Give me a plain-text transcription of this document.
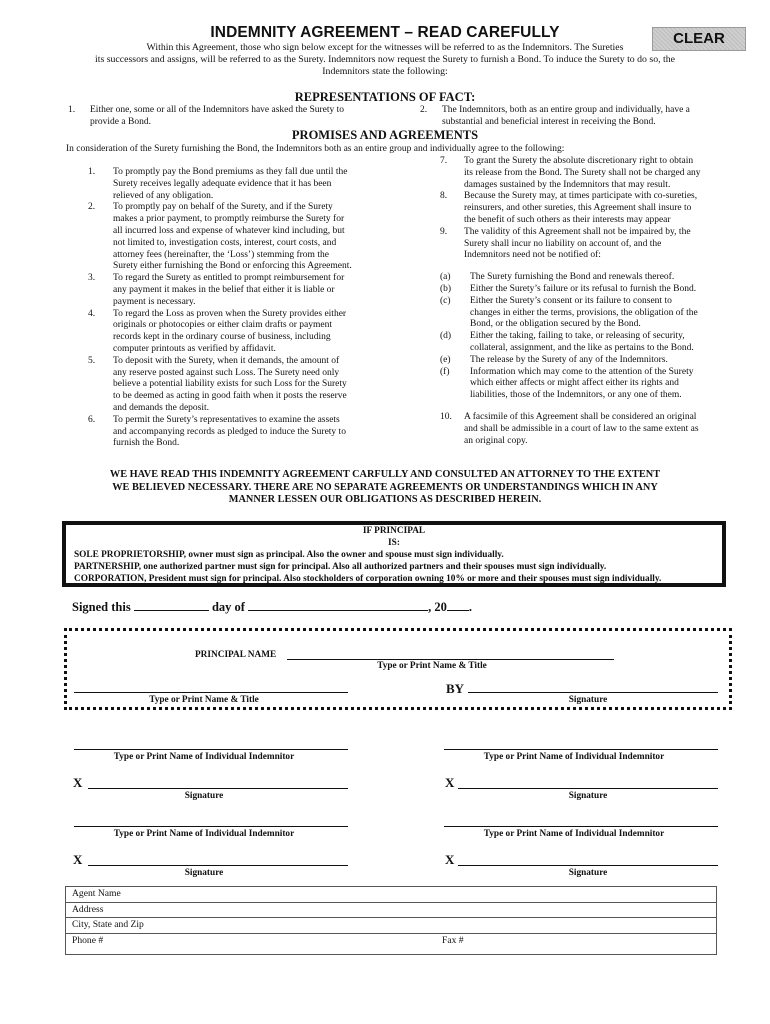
INDEMNITY AGREEMENT – READ CAREFULLY	CLEAR
Within this Agreement, those who sign below except for the witnesses will be referred to as the Indemnitors. The Sureties
its successors and assigns, will be referred to as the Surety. Indemnitors now request the Surety to furnish a Bond. To induce the Surety to do so, the
Indemnitors state the following:
REPRESENTATIONS OF FACT:
1. Either one, some or all of the Indemnitors have asked the Surety to
provide a Bond.
2. The Indemnitors, both as an entire group and individually, have a
substantial and beneficial interest in receiving the Bond.
PROMISES AND AGREEMENTS
In consideration of the Surety furnishing the Bond, the Indemnitors both as an entire group and individually agree to the following:
1. To promptly pay the Bond premiums as they fall due until the
Surety receives legally adequate evidence that it has been
relieved of any obligation.
2. To promptly pay on behalf of the Surety, and if the Surety
makes a prior payment, to promptly reimburse the Surety for
all incurred loss and expense of whatever kind including, but
not limited to, investigation costs, interest, court costs, and
attorney fees (hereinafter, the ‘Loss’) stemming from the
Surety either furnishing the Bond or enforcing this Agreement.
3. To regard the Surety as entitled to prompt reimbursement for
any payment it makes in the belief that either it is liable or
payment is necessary.
4. To regard the Loss as proven when the Surety provides either
originals or photocopies or either claim drafts or payment
records kept in the ordinary course of business, including
computer printouts as verified by affidavit.
5. To deposit with the Surety, when it demands, the amount of
any reserve posted against such Loss. The Surety need only
believe a potential liability exists for such Loss for the Surety
to be deemed as acting in good faith when it posts the reserve
and demands the deposit.
6. To permit the Surety’s representatives to examine the assets
and accompanying records as pledged to induce the Surety to
furnish the Bond.
7. To grant the Surety the absolute discretionary right to obtain
its release from the Bond. The Surety shall not be charged any
damages sustained by the Indemnitors that may result.
8. Because the Surety may, at times participate with co-sureties,
reinsurers, and other sureties, this Agreement shall insure to
the benefit of such others as their interests may appear
9. The validity of this Agreement shall not be impaired by, the
Surety shall incur no liability on account of, and the
Indemnitors need not be notified of:
(a) The Surety furnishing the Bond and renewals thereof.
(b) Either the Surety’s failure or its refusal to furnish the Bond.
(c) Either the Surety’s consent or its failure to consent to
changes in either the terms, provisions, the obligation of the
Bond, or the obligation secured by the Bond.
(d) Either the taking, failing to take, or releasing of security,
collateral, assignment, and the like as pertains to the Bond.
(e) The release by the Surety of any of the Indemnitors.
(f) Information which may come to the attention of the Surety
which either affects or might affect either its rights and
liabilities, those of the Indemnitors, or any one of them.
10. A facsimile of this Agreement shall be considered an original
and shall be admissible in a court of law to the same extent as
an original copy.
WE HAVE READ THIS INDEMNITY AGREEMENT CARFULLY AND CONSULTED AN ATTORNEY TO THE EXTENT
WE BELIEVED NECESSARY. THERE ARE NO SEPARATE AGREEMENTS OR UNDERSTANDINGS WHICH IN ANY
MANNER LESSEN OUR OBLIGATIONS AS DESCRIBED HEREIN.
IF PRINCIPAL
IS:
SOLE PROPRIETORSHIP, owner must sign as principal. Also the owner and spouse must sign individually.
PARTNERSHIP, one authorized partner must sign for principal. Also all authorized partners and their spouses must sign individually.
CORPORATION, President must sign for principal. Also stockholders of corporation owning 10% or more and their spouses must sign individually.
Signed this	day of	, 20 .
PRINCIPAL NAME
Type or Print Name & Title
BY
Type or Print Name & Title	Signature
Type or Print Name of Individual Indemnitor	Type or Print Name of Individual Indemnitor
X
Signature
X
Signature
Type or Print Name of Individual Indemnitor	Type or Print Name of Individual Indemnitor
X
Signature
X
Signature
Agent Name
Address
City, State and Zip
Phone #	Fax #
